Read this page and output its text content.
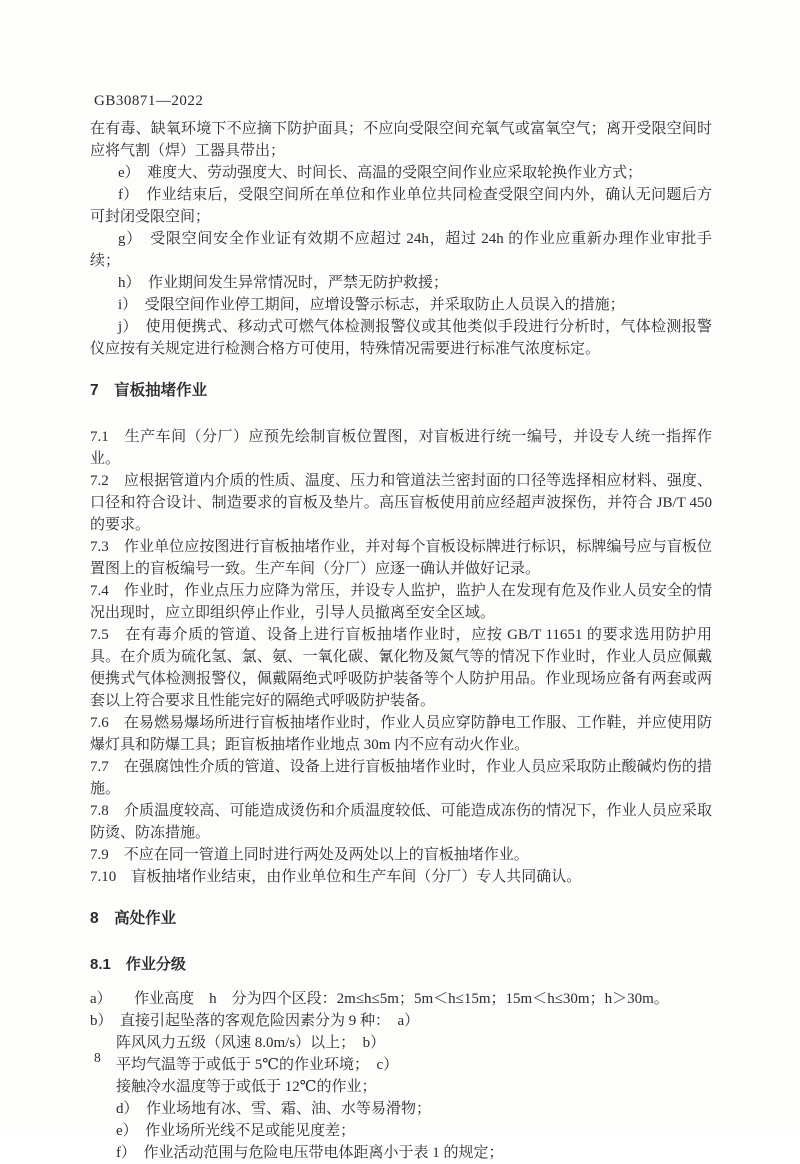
GB30871—2022

在有毒、缺氧环境下不应摘下防护面具；不应向受限空间充氧气或富氧空气；离开受限空间时应将气割（焊）工器具带出；

e）　难度大、劳动强度大、时间长、高温的受限空间作业应采取轮换作业方式；

f）　作业结束后，受限空间所在单位和作业单位共同检查受限空间内外，确认无问题后方可封闭受限空间；

g）　受限空间安全作业证有效期不应超过 24h，超过 24h 的作业应重新办理作业审批手续；

h）　作业期间发生异常情况时，严禁无防护救援；

i）　受限空间作业停工期间，应增设警示标志，并采取防止人员误入的措施；

j）　使用便携式、移动式可燃气体检测报警仪或其他类似手段进行分析时，气体检测报警仪应按有关规定进行检测合格方可使用，特殊情况需要进行标准气浓度标定。

7　盲板抽堵作业

7.1　生产车间（分厂）应预先绘制盲板位置图，对盲板进行统一编号，并设专人统一指挥作业。

7.2　应根据管道内介质的性质、温度、压力和管道法兰密封面的口径等选择相应材料、强度、口径和符合设计、制造要求的盲板及垫片。高压盲板使用前应经超声波探伤，并符合 JB/T 450 的要求。

7.3　作业单位应按图进行盲板抽堵作业，并对每个盲板设标牌进行标识，标牌编号应与盲板位置图上的盲板编号一致。生产车间（分厂）应逐一确认并做好记录。

7.4　作业时，作业点压力应降为常压，并设专人监护，监护人在发现有危及作业人员安全的情况出现时，应立即组织停止作业，引导人员撤离至安全区域。

7.5　在有毒介质的管道、设备上进行盲板抽堵作业时，应按 GB/T 11651 的要求选用防护用具。在介质为硫化氢、氯、氨、一氧化碳、氰化物及氮气等的情况下作业时，作业人员应佩戴便携式气体检测报警仪，佩戴隔绝式呼吸防护装备等个人防护用品。作业现场应备有两套或两套以上符合要求且性能完好的隔绝式呼吸防护装备。

7.6　在易燃易爆场所进行盲板抽堵作业时，作业人员应穿防静电工作服、工作鞋，并应使用防爆灯具和防爆工具；距盲板抽堵作业地点 30m 内不应有动火作业。

7.7　在强腐蚀性介质的管道、设备上进行盲板抽堵作业时，作业人员应采取防止酸碱灼伤的措施。

7.8　介质温度较高、可能造成烫伤和介质温度较低、可能造成冻伤的情况下，作业人员应采取防烫、防冻措施。

7.9　不应在同一管道上同时进行两处及两处以上的盲板抽堵作业。

7.10　盲板抽堵作业结束，由作业单位和生产车间（分厂）专人共同确认。

8　高处作业

8.1　作业分级

a）　　作业高度　h　分为四个区段：2m≤h≤5m；5m＜h≤15m；15m＜h≤30m；h＞30m。

b）　直接引起坠落的客观危险因素分为 9 种：　a）

阵风风力五级（风速 8.0m/s）以上；　b）

平均气温等于或低于 5℃的作业环境；　c）

接触冷水温度等于或低于 12℃的作业；

d）　作业场地有冰、雪、霜、油、水等易滑物；

e）　作业场所光线不足或能见度差；

f）　作业活动范围与危险电压带电体距离小于表 1 的规定；

8
